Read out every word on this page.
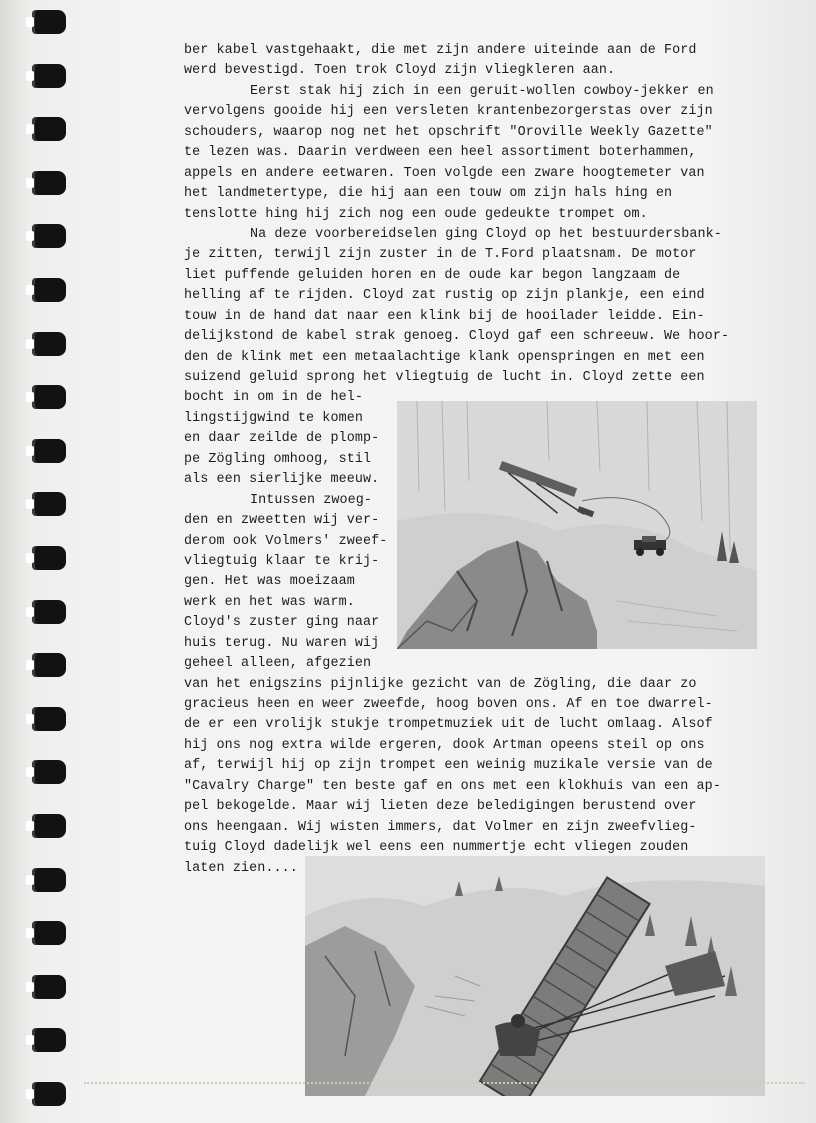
ber kabel vastgehaakt, die met zijn andere uiteinde aan de Ford
werd bevestigd. Toen trok Cloyd zijn vliegkleren aan.
Eerst stak hij zich in een geruit-wollen cowboy-jekker en
vervolgens gooide hij een versleten krantenbezorgerstas over zijn
schouders, waarop nog net het opschrift "Oroville Weekly Gazette"
te lezen was. Daarin verdween een heel assortiment boterhammen,
appels en andere eetwaren. Toen volgde een zware hoogtemeter van
het landmetertype, die hij aan een touw om zijn hals hing en
tenslotte hing hij zich nog een oude gedeukte trompet om.
Na deze voorbereidselen ging Cloyd op het bestuurdersbank-
je zitten, terwijl zijn zuster in de T.Ford plaatsnam. De motor
liet puffende geluiden horen en de oude kar begon langzaam de
helling af te rijden. Cloyd zat rustig op zijn plankje, een eind
touw in de hand dat naar een klink bij de hooilader leidde. Ein-
delijkstond de kabel strak genoeg. Cloyd gaf een schreeuw. We hoor-
den de klink met een metaalachtige klank openspringen en met een
suizend geluid sprong het vliegtuig de lucht in. Cloyd zette een
bocht in om in de hel-
lingstijgwind te komen
en daar zeilde de plomp-
pe Zögling omhoog, stil
als een sierlijke meeuw.
Intussen zwoeg-
den en zweetten wij ver-
derom ook Volmers' zweef-
vliegtuig klaar te krij-
gen. Het was moeizaam
werk en het was warm.
Cloyd's zuster ging naar
huis terug. Nu waren wij
geheel alleen, afgezien
van het enigszins pijnlijke gezicht van de Zögling, die daar zo
gracieus heen en weer zweefde, hoog boven ons. Af en toe dwarrel-
de er een vrolijk stukje trompetmuziek uit de lucht omlaag. Alsof
hij ons nog extra wilde ergeren, dook Artman opeens steil op ons
af, terwijl hij op zijn trompet een weinig muzikale versie van de
"Cavalry Charge" ten beste gaf en ons met een klokhuis van een ap-
pel bekogelde. Maar wij lieten deze beledigingen berustend over
ons heengaan. Wij wisten immers, dat Volmer en zijn zweefvlieg-
tuig Cloyd dadelijk wel eens een nummertje echt vliegen zouden
laten zien....
